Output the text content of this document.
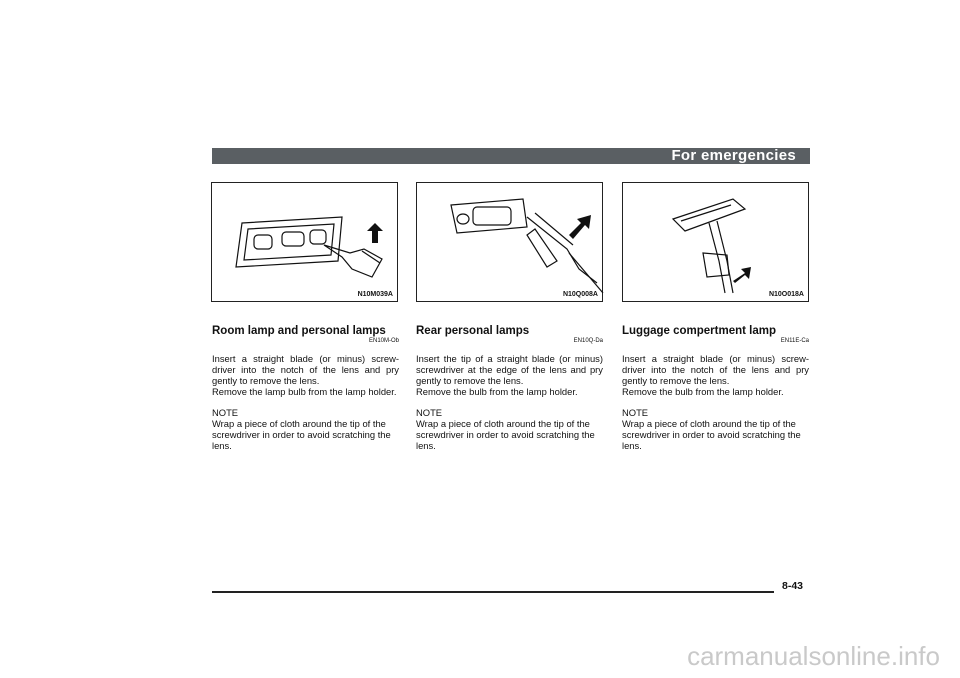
For emergencies
N10M039A	N10Q008A	N10O018A
Room lamp and personal lamps
EN10M-Ob
Insert a straight blade (or minus) screw-driver into the notch of the lens and pry gently to remove the lens.
Remove the lamp bulb from the lamp holder.
NOTE
Wrap a piece of cloth around the tip of the screwdriver in order to avoid scratching the lens.
Rear personal lamps
EN10Q-Da
Insert the tip of a straight blade (or minus) screwdriver at the edge of the lens and pry gently to remove the lens.
Remove the bulb from the lamp holder.
NOTE
Wrap a piece of cloth around the tip of the screwdriver in order to avoid scratching the lens.
Luggage compertment lamp
EN11E-Ca
Insert a straight blade (or minus) screw-driver into the notch of the lens and pry gently to remove the lens.
Remove the bulb from the lamp holder.
NOTE
Wrap a piece of cloth around the tip of the screwdriver in order to avoid scratching the lens.
8-43
carmanualsonline.info
